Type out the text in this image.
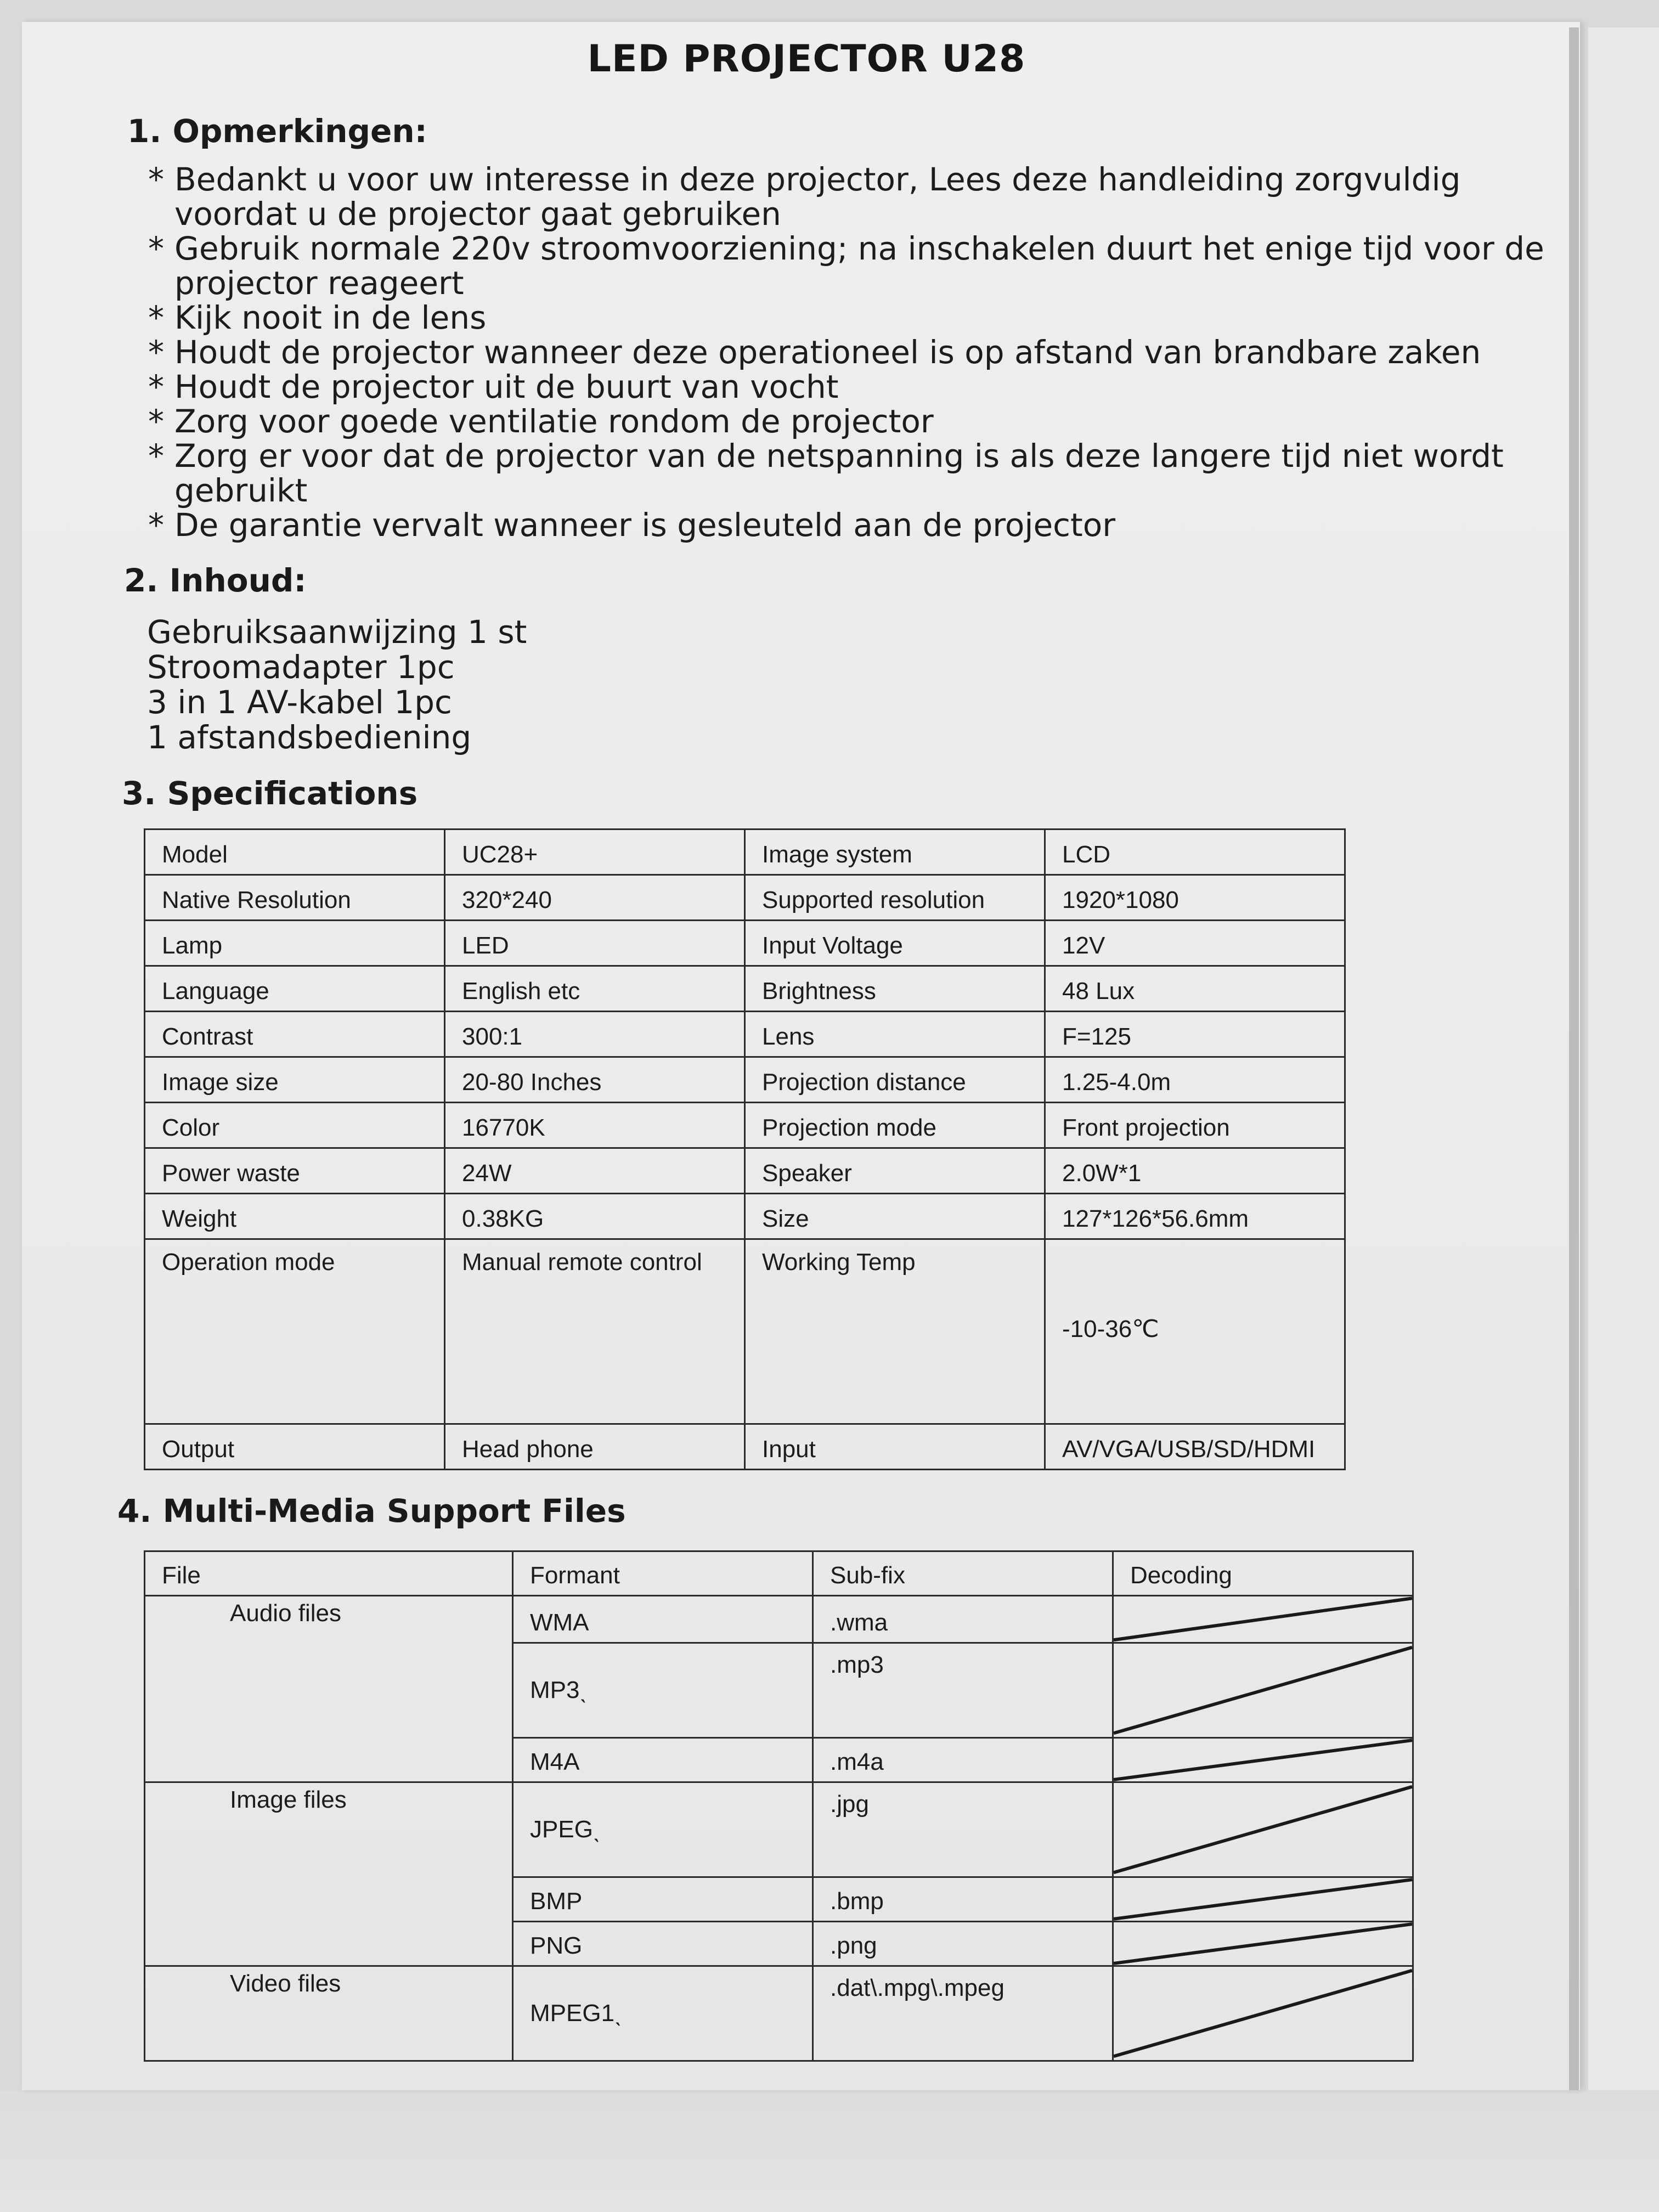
LED PROJECTOR U28
1. Opmerkingen:
* Bedankt u voor uw interesse in deze projector, Lees deze handleiding zorgvuldig voordat u de projector gaat gebruiken
* Gebruik normale 220v stroomvoorziening; na inschakelen duurt het enige tijd voor de projector reageert
* Kijk nooit in de lens
* Houdt de projector wanneer deze operationeel is op afstand van brandbare zaken
* Houdt de projector uit de buurt van vocht
* Zorg voor goede ventilatie rondom de projector
* Zorg er voor dat de projector van de netspanning is als deze langere tijd niet wordt gebruikt
* De garantie vervalt wanneer is gesleuteld aan de projector
2. Inhoud:
Gebruiksaanwijzing 1 st
Stroomadapter 1pc
3 in 1 AV-kabel 1pc
1 afstandsbediening
3. Specifications
Model	UC28+	Image system	LCD
Native Resolution	320*240	Supported resolution	1920*1080
Lamp	LED	Input Voltage	12V
Language	English etc	Brightness	48 Lux
Contrast	300:1	Lens	F=125
Image size	20-80 Inches	Projection distance	1.25-4.0m
Color	16770K	Projection mode	Front projection
Power waste	24W	Speaker	2.0W*1
Weight	0.38KG	Size	127*126*56.6mm
Operation mode	Manual remote control	Working Temp	-10-36℃
Output	Head phone	Input	AV/VGA/USB/SD/HDMI
4. Multi-Media Support Files
File	Formant	Sub-fix	Decoding
Audio files	WMA	.wma	

	MP3ˎ	.mp3	

	M4A	.m4a	

Image files	JPEGˎ	.jpg	

	BMP	.bmp	

	PNG	.png	

Video files	MPEG1ˎ	.dat\.mpg\.mpeg	
